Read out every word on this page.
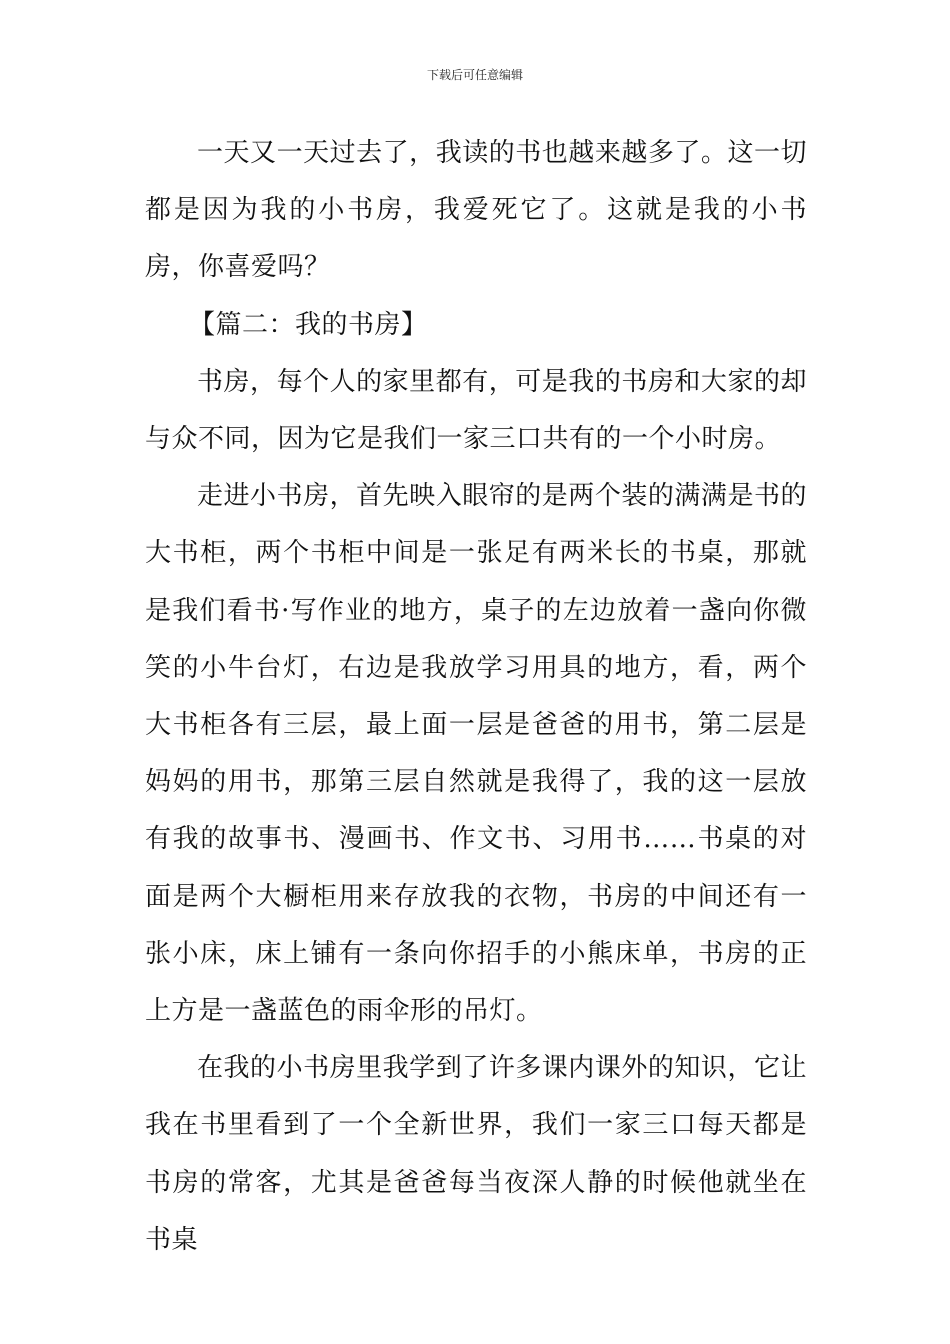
下载后可任意编辑

一天又一天过去了，我读的书也越来越多了。这一切都是因为我的小书房，我爱死它了。这就是我的小书房，你喜爱吗？

【篇二：我的书房】

书房，每个人的家里都有，可是我的书房和大家的却与众不同，因为它是我们一家三口共有的一个小时房。

走进小书房，首先映入眼帘的是两个装的满满是书的大书柜，两个书柜中间是一张足有两米长的书桌，那就是我们看书·写作业的地方，桌子的左边放着一盏向你微笑的小牛台灯，右边是我放学习用具的地方，看，两个大书柜各有三层，最上面一层是爸爸的用书，第二层是妈妈的用书，那第三层自然就是我得了，我的这一层放有我的故事书、漫画书、作文书、习用书……书桌的对面是两个大橱柜用来存放我的衣物，书房的中间还有一张小床，床上铺有一条向你招手的小熊床单，书房的正上方是一盏蓝色的雨伞形的吊灯。

在我的小书房里我学到了许多课内课外的知识，它让我在书里看到了一个全新世界，我们一家三口每天都是书房的常客，尤其是爸爸每当夜深人静的时候他就坐在书桌
